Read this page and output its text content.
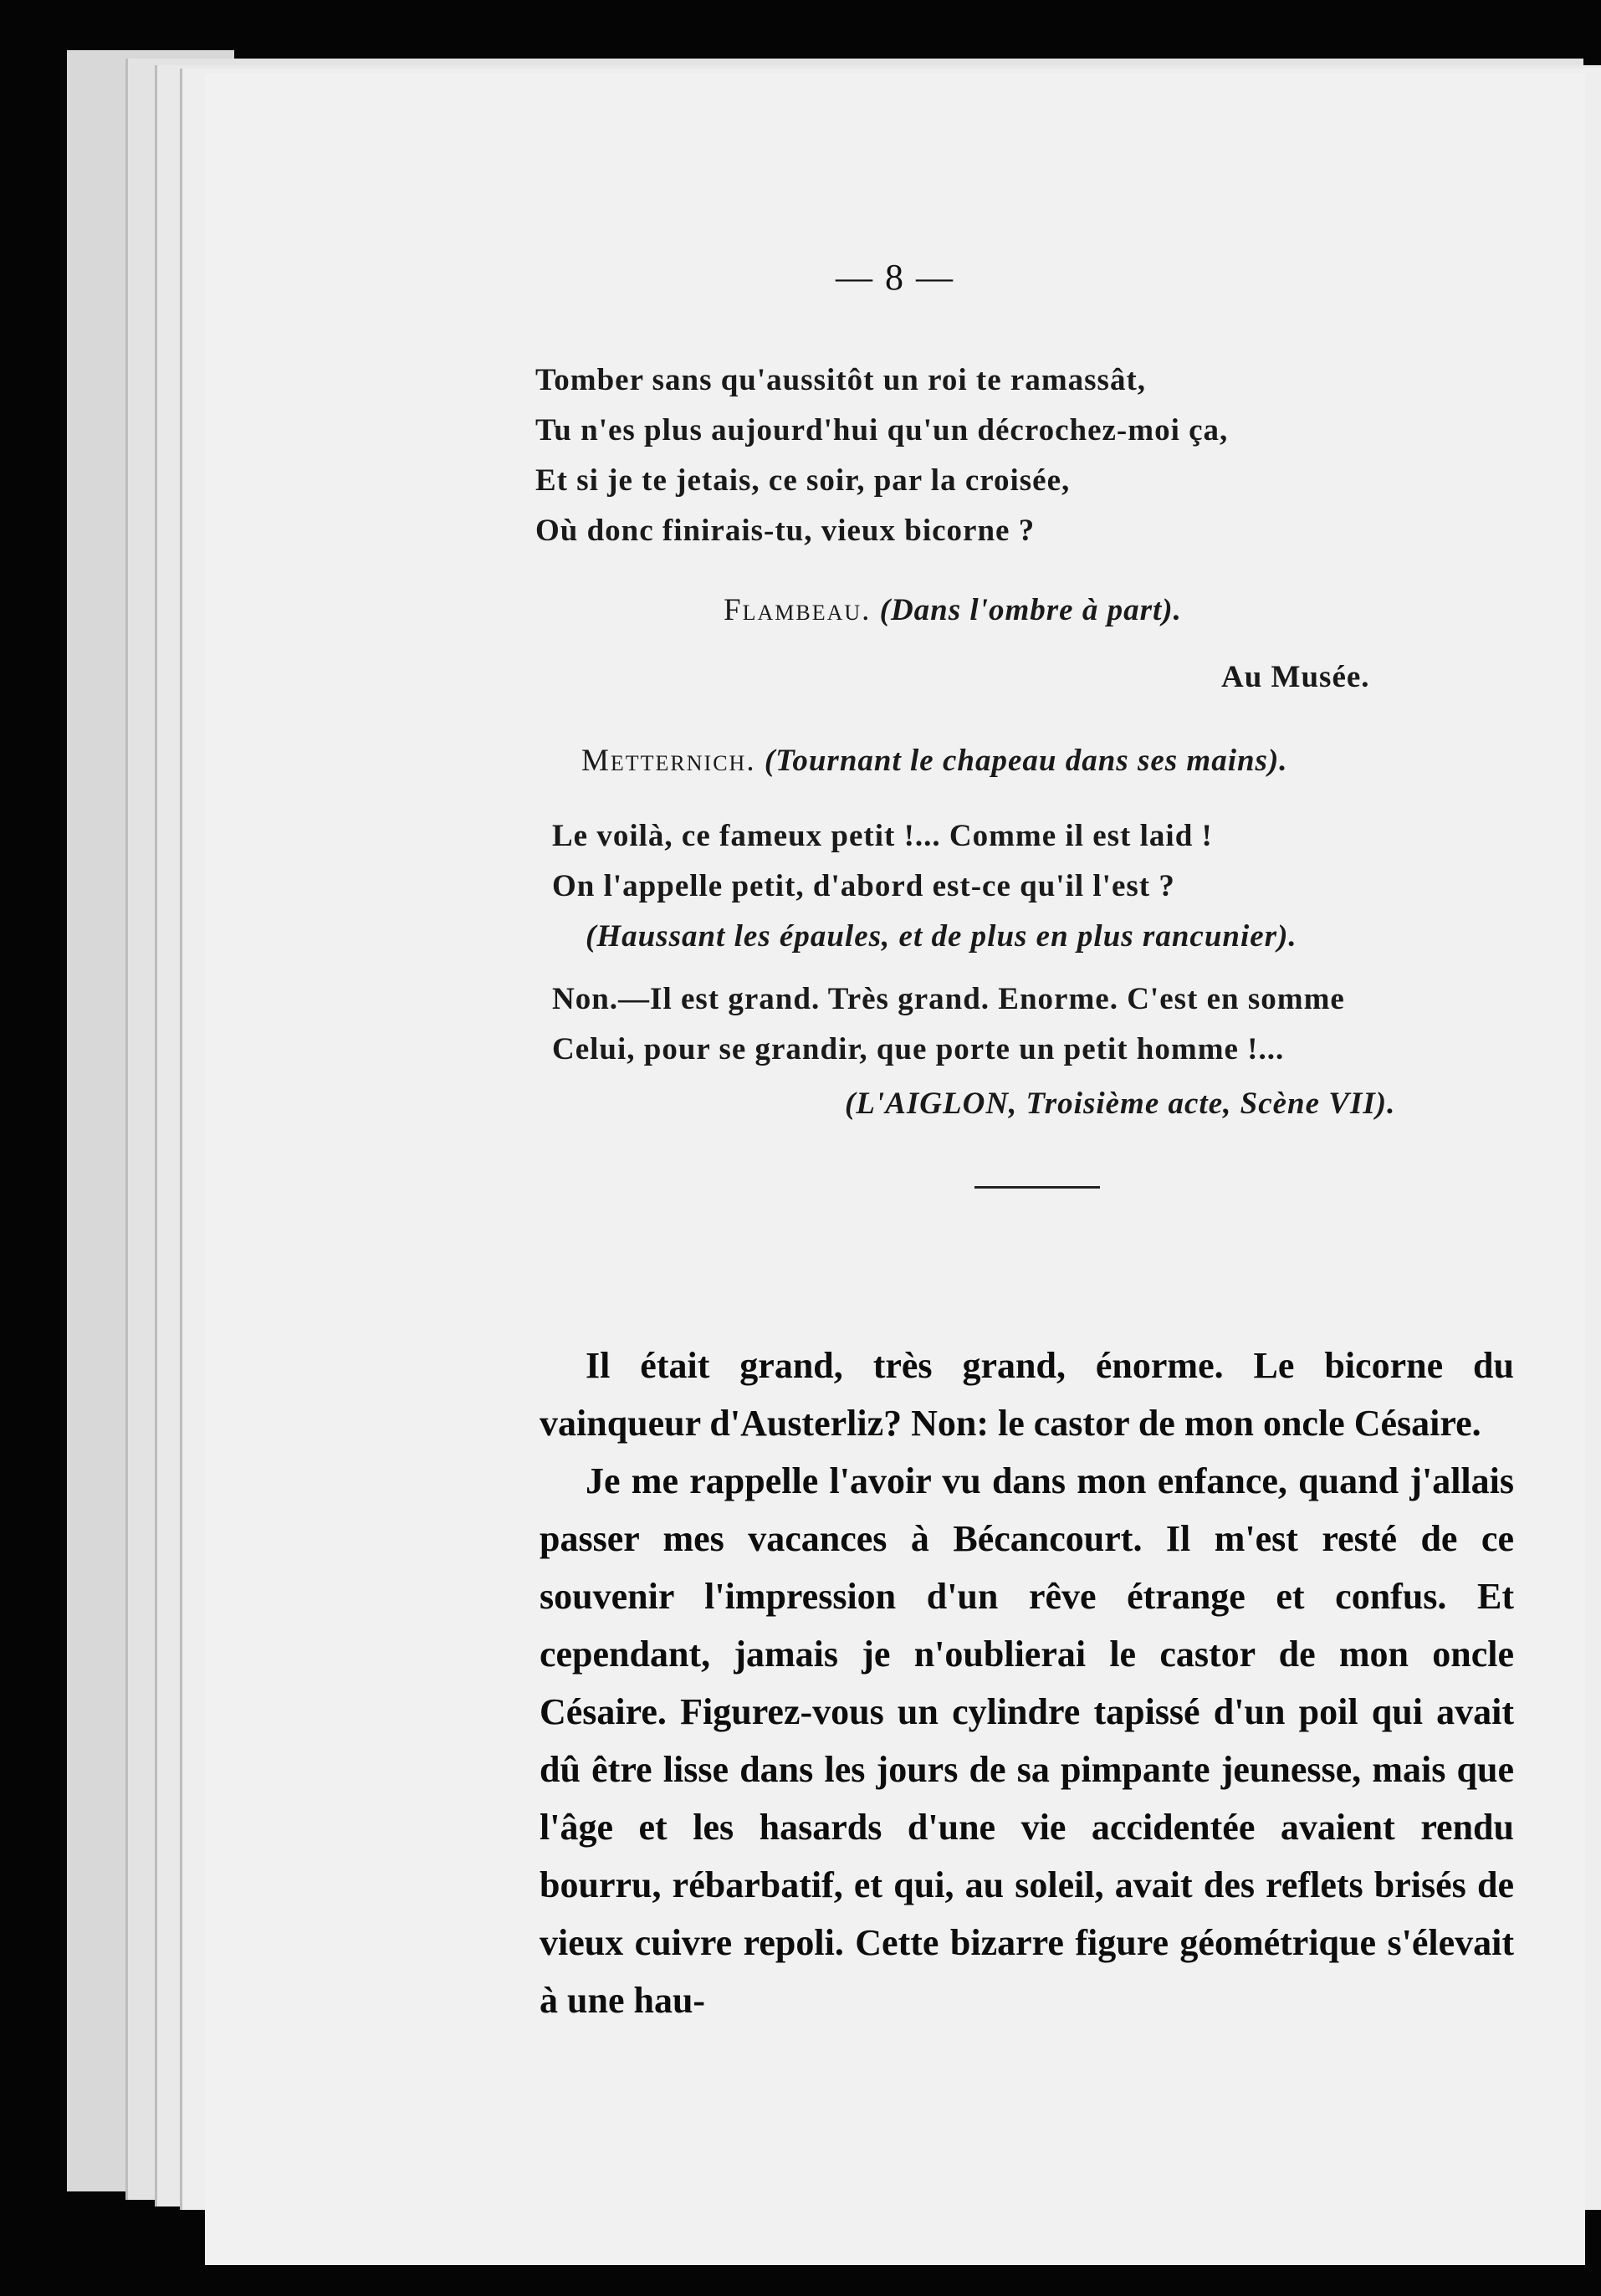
— 8 —
Tomber sans qu'aussitôt un roi te ramassât,
Tu n'es plus aujourd'hui qu'un décrochez-moi ça,
Et si je te jetais, ce soir, par la croisée,
Où donc finirais-tu, vieux bicorne ?
Flambeau. (Dans l'ombre à part).
Au Musée.
Metternich. (Tournant le chapeau dans ses mains).
Le voilà, ce fameux petit !... Comme il est laid !
On l'appelle petit, d'abord est-ce qu'il l'est ?
(Haussant les épaules, et de plus en plus rancunier).
Non.—Il est grand. Très grand. Enorme. C'est en somme
Celui, pour se grandir, que porte un petit homme !...
(L'AIGLON, Troisième acte, Scène VII).

Il était grand, très grand, énorme. Le bicorne du vainqueur d'Austerliz? Non: le castor de mon oncle Césaire.

Je me rappelle l'avoir vu dans mon enfance, quand j'allais passer mes vacances à Bécancourt. Il m'est resté de ce souvenir l'impression d'un rêve étrange et confus. Et cependant, jamais je n'oublierai le castor de mon oncle Césaire. Figurez-vous un cylindre tapissé d'un poil qui avait dû être lisse dans les jours de sa pimpante jeunesse, mais que l'âge et les hasards d'une vie accidentée avaient rendu bourru, rébarbatif, et qui, au soleil, avait des reflets brisés de vieux cuivre repoli. Cette bizarre figure géométrique s'élevait à une hau-
